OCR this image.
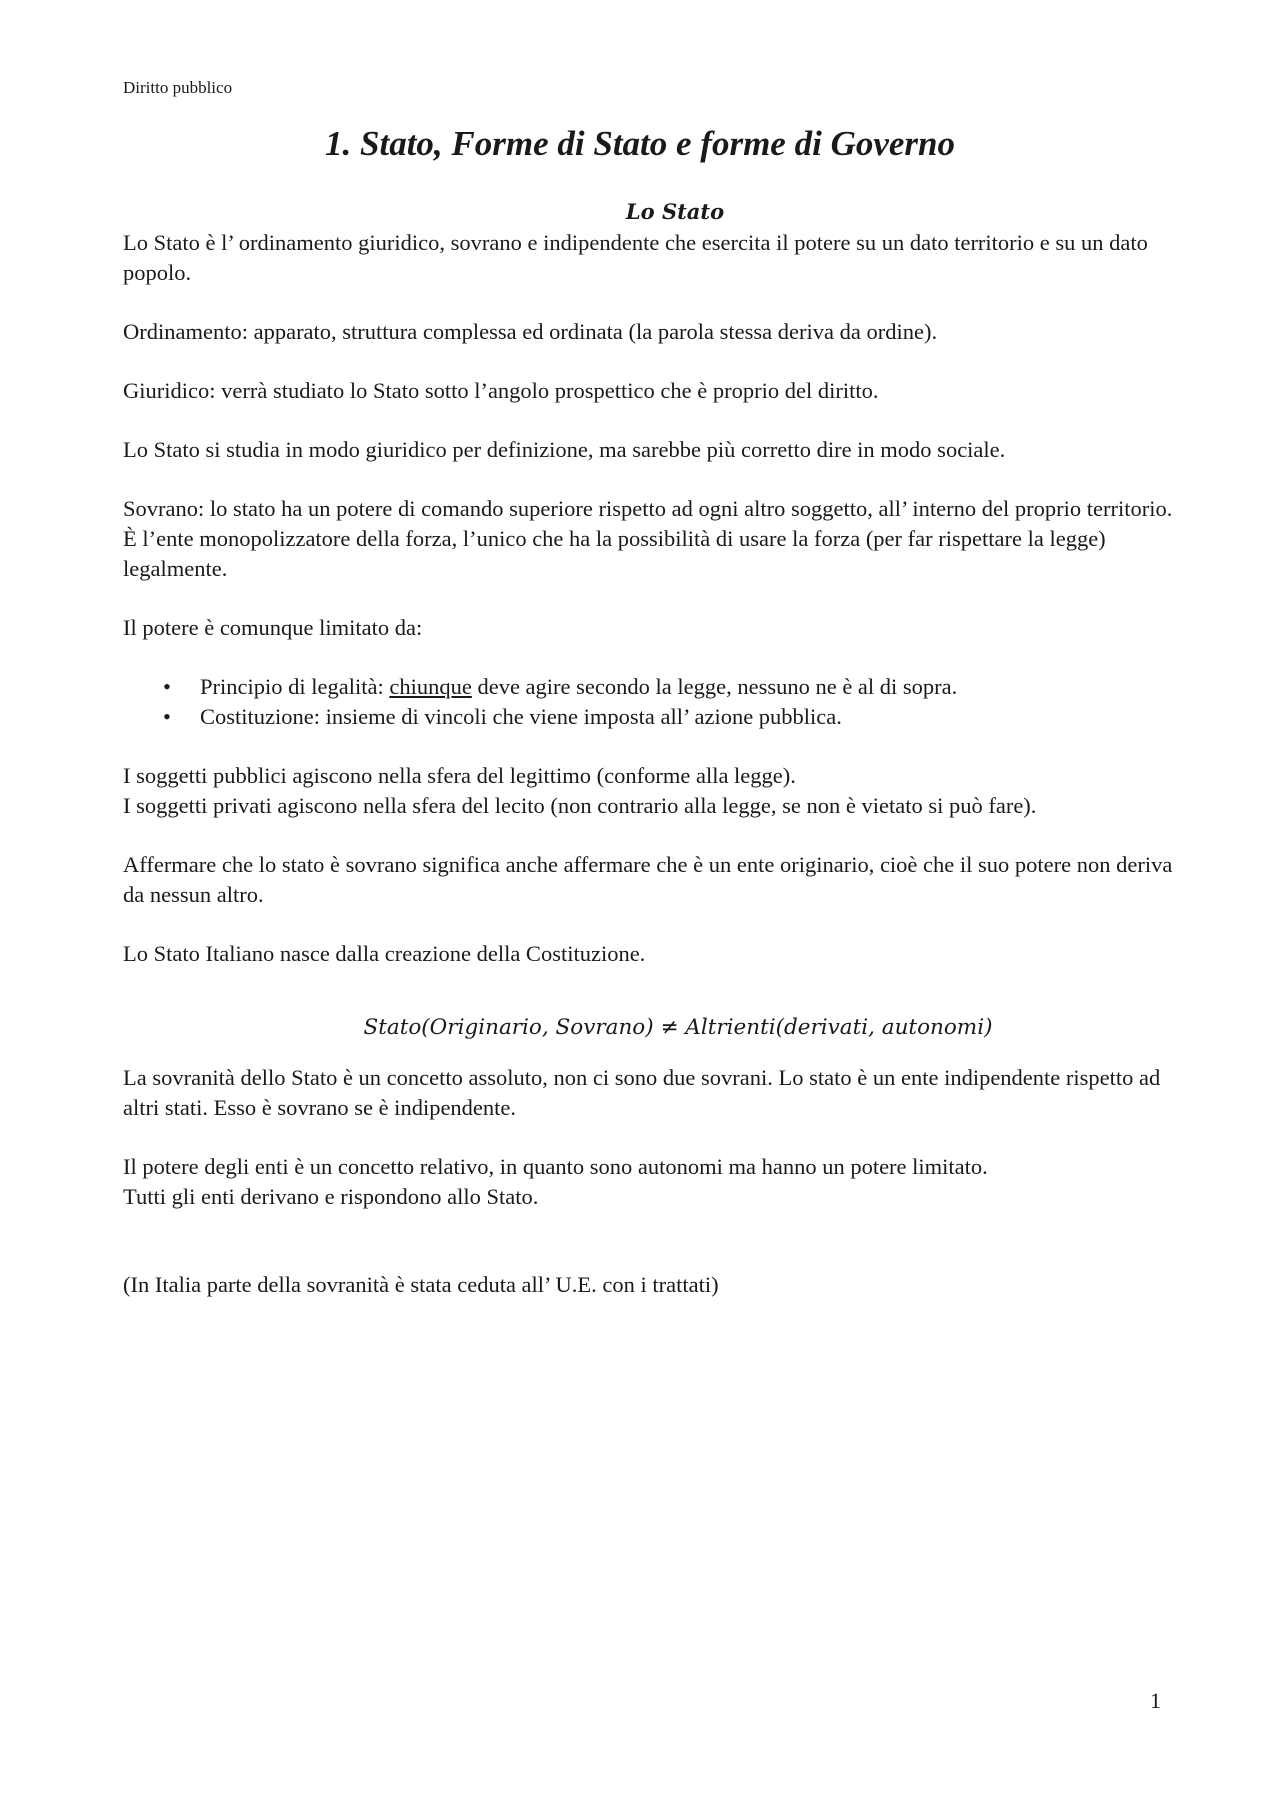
Diritto pubblico
1. Stato, Forme di Stato e forme di Governo
Lo Stato

Lo Stato è l’ ordinamento giuridico, sovrano e indipendente che esercita il potere su un dato territorio e su un dato popolo.

Ordinamento: apparato, struttura complessa ed ordinata (la parola stessa deriva da ordine).

Giuridico: verrà studiato lo Stato sotto l’angolo prospettico che è proprio del diritto.

Lo Stato si studia in modo giuridico per definizione, ma sarebbe più corretto dire in modo sociale.

Sovrano: lo stato ha un potere di comando superiore rispetto ad ogni altro soggetto, all’ interno del proprio territorio. È l’ente monopolizzatore della forza, l’unico che ha la possibilità di usare la forza (per far rispettare la legge) legalmente.

Il potere è comunque limitato da:

• Principio di legalità: chiunque deve agire secondo la legge, nessuno ne è al di sopra.
• Costituzione: insieme di vincoli che viene imposta all’ azione pubblica.

I soggetti pubblici agiscono nella sfera del legittimo (conforme alla legge).

I soggetti privati agiscono nella sfera del lecito (non contrario alla legge, se non è vietato si può fare).

Affermare che lo stato è sovrano significa anche affermare che è un ente originario, cioè che il suo potere non deriva da nessun altro.

Lo Stato Italiano nasce dalla creazione della Costituzione.

Stato(Originario, Sovrano) ≠ Altrienti(derivati, autonomi)

La sovranità dello Stato è un concetto assoluto, non ci sono due sovrani. Lo stato è un ente indipendente rispetto ad altri stati. Esso è sovrano se è indipendente.

Il potere degli enti è un concetto relativo, in quanto sono autonomi ma hanno un potere limitato.

Tutti gli enti derivano e rispondono allo Stato.

(In Italia parte della sovranità è stata ceduta all’ U.E. con i trattati)

1
